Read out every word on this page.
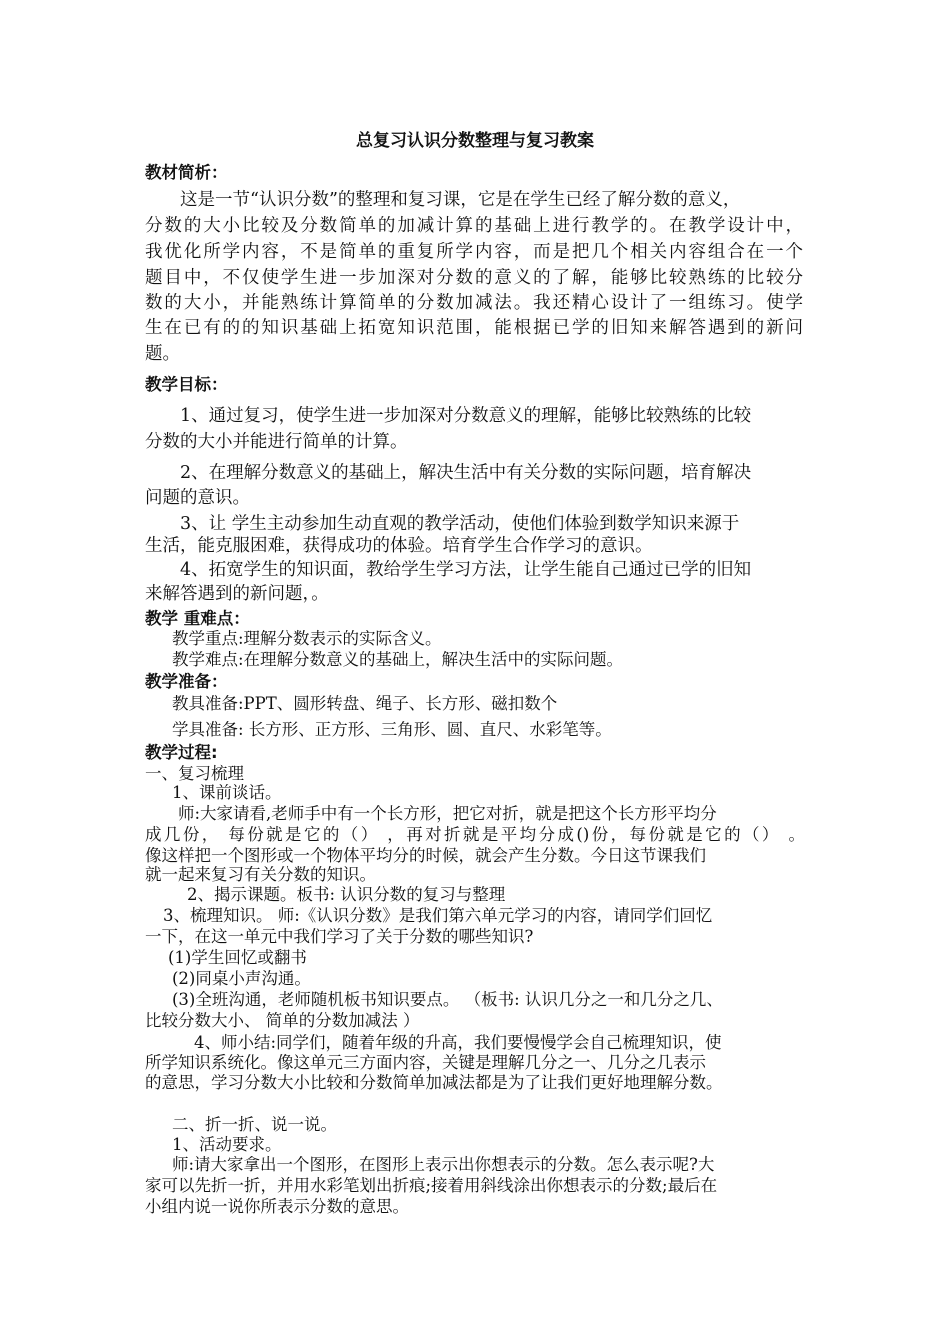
总复习认识分数整理与复习教案
教材简析：
这是一节“认识分数”的整理和复习课，它是在学生已经了解分数的意义，
分数的大小比较及分数简单的加减计算的基础上进行教学的。在教学设计中，
我优化所学内容，不是简单的重复所学内容，而是把几个相关内容组合在一个
题目中，不仅使学生进一步加深对分数的意义的了解，能够比较熟练的比较分
数的大小，并能熟练计算简单的分数加减法。我还精心设计了一组练习。使学
生在已有的的知识基础上拓宽知识范围，能根据已学的旧知来解答遇到的新问
题。
教学目标：
1、通过复习，使学生进一步加深对分数意义的理解，能够比较熟练的比较
分数的大小并能进行简单的计算。
2、在理解分数意义的基础上，解决生活中有关分数的实际问题，培育解决
问题的意识。
3、让 学生主动参加生动直观的教学活动，使他们体验到数学知识来源于
生活，能克服困难，获得成功的体验。培育学生合作学习的意识。
4、拓宽学生的知识面，教给学生学习方法，让学生能自己通过已学的旧知
来解答遇到的新问题，。
教学 重难点：
教学重点:理解分数表示的实际含义。
教学难点:在理解分数意义的基础上，解决生活中的实际问题。
教学准备：
教具准备:PPT、圆形转盘、绳子、长方形、磁扣数个
学具准备: 长方形、正方形、三角形、圆、直尺、水彩笔等。
教学过程:
一、复习梳理
1、课前谈话。
师:大家请看,老师手中有一个长方形，把它对折，就是把这个长方形平均分
成几份， 每份就是它的（） ，再对折就是平均分成()份，每份就是它的（） 。
像这样把一个图形或一个物体平均分的时候，就会产生分数。今日这节课我们
就一起来复习有关分数的知识。
2、揭示课题。板书: 认识分数的复习与整理
3、梳理知识。 师:《认识分数》是我们第六单元学习的内容，请同学们回忆
一下，在这一单元中我们学习了关于分数的哪些知识?
(1)学生回忆或翻书
(2)同桌小声沟通。
(3)全班沟通，老师随机板书知识要点。 （板书: 认识几分之一和几分之几、
比较分数大小、 简单的分数加减法 ）
4、师小结:同学们，随着年级的升高，我们要慢慢学会自己梳理知识，使
所学知识系统化。像这单元三方面内容，关键是理解几分之一、几分之几表示
的意思，学习分数大小比较和分数简单加减法都是为了让我们更好地理解分数。
二、折一折、说一说。
1、活动要求。
师:请大家拿出一个图形，在图形上表示出你想表示的分数。怎么表示呢?大
家可以先折一折，并用水彩笔划出折痕;接着用斜线涂出你想表示的分数;最后在
小组内说一说你所表示分数的意思。
